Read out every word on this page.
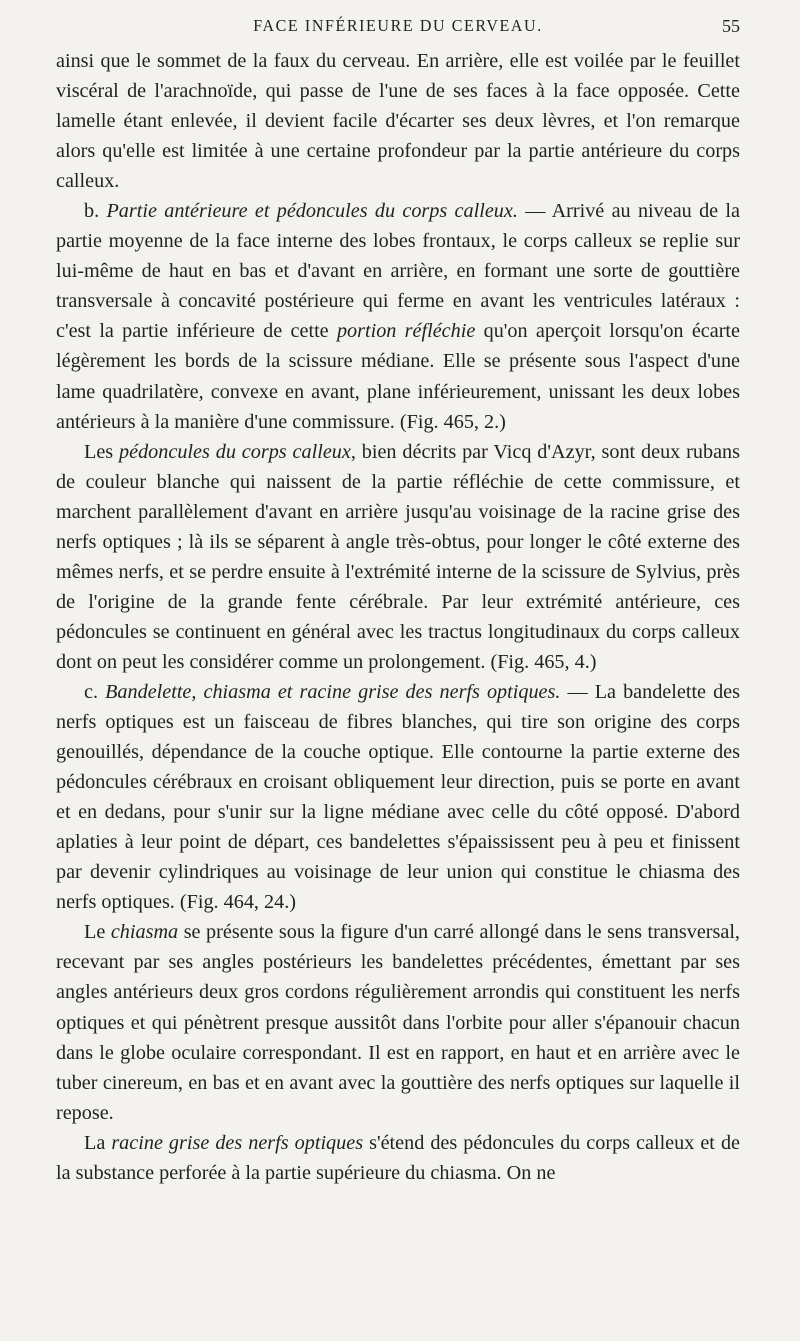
FACE INFÉRIEURE DU CERVEAU.	55

ainsi que le sommet de la faux du cerveau. En arrière, elle est voilée par le feuillet viscéral de l'arachnoïde, qui passe de l'une de ses faces à la face opposée. Cette lamelle étant enlevée, il devient facile d'écarter ses deux lèvres, et l'on remarque alors qu'elle est limitée à une certaine profondeur par la partie antérieure du corps calleux.

b. Partie antérieure et pédoncules du corps calleux. — Arrivé au niveau de la partie moyenne de la face interne des lobes frontaux, le corps calleux se replie sur lui-même de haut en bas et d'avant en arrière, en formant une sorte de gouttière transversale à concavité postérieure qui ferme en avant les ventricules latéraux : c'est la partie inférieure de cette portion réfléchie qu'on aperçoit lorsqu'on écarte légèrement les bords de la scissure médiane. Elle se présente sous l'aspect d'une lame quadrilatère, convexe en avant, plane inférieurement, unissant les deux lobes antérieurs à la manière d'une commissure. (Fig. 465, 2.)

Les pédoncules du corps calleux, bien décrits par Vicq d'Azyr, sont deux rubans de couleur blanche qui naissent de la partie réfléchie de cette commissure, et marchent parallèlement d'avant en arrière jusqu'au voisinage de la racine grise des nerfs optiques ; là ils se séparent à angle très-obtus, pour longer le côté externe des mêmes nerfs, et se perdre ensuite à l'extrémité interne de la scissure de Sylvius, près de l'origine de la grande fente cérébrale. Par leur extrémité antérieure, ces pédoncules se continuent en général avec les tractus longitudinaux du corps calleux dont on peut les considérer comme un prolongement. (Fig. 465, 4.)

c. Bandelette, chiasma et racine grise des nerfs optiques. — La bandelette des nerfs optiques est un faisceau de fibres blanches, qui tire son origine des corps genouillés, dépendance de la couche optique. Elle contourne la partie externe des pédoncules cérébraux en croisant obliquement leur direction, puis se porte en avant et en dedans, pour s'unir sur la ligne médiane avec celle du côté opposé. D'abord aplaties à leur point de départ, ces bandelettes s'épaississent peu à peu et finissent par devenir cylindriques au voisinage de leur union qui constitue le chiasma des nerfs optiques. (Fig. 464, 24.)

Le chiasma se présente sous la figure d'un carré allongé dans le sens transversal, recevant par ses angles postérieurs les bandelettes précédentes, émettant par ses angles antérieurs deux gros cordons régulièrement arrondis qui constituent les nerfs optiques et qui pénètrent presque aussitôt dans l'orbite pour aller s'épanouir chacun dans le globe oculaire correspondant. Il est en rapport, en haut et en arrière avec le tuber cinereum, en bas et en avant avec la gouttière des nerfs optiques sur laquelle il repose.

La racine grise des nerfs optiques s'étend des pédoncules du corps calleux et de la substance perforée à la partie supérieure du chiasma. On ne
